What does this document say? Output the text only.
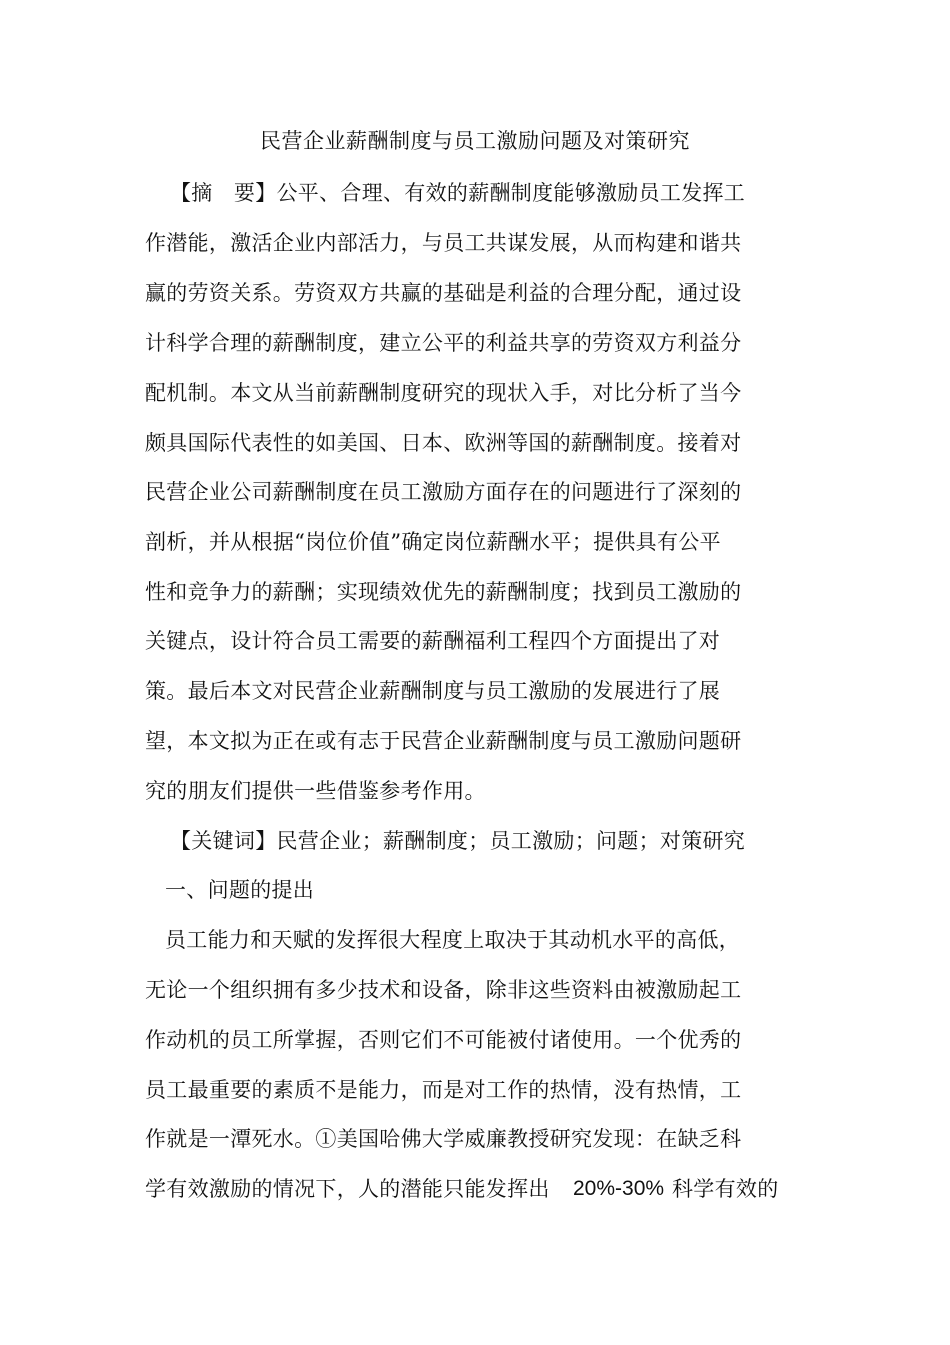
民营企业薪酬制度与员工激励问题及对策研究

【摘　要】公平、合理、有效的薪酬制度能够激励员工发挥工

作潜能，激活企业内部活力，与员工共谋发展，从而构建和谐共

赢的劳资关系。劳资双方共赢的基础是利益的合理分配，通过设

计科学合理的薪酬制度，建立公平的利益共享的劳资双方利益分

配机制。本文从当前薪酬制度研究的现状入手，对比分析了当今

颇具国际代表性的如美国、日本、欧洲等国的薪酬制度。接着对

民营企业公司薪酬制度在员工激励方面存在的问题进行了深刻的

剖析，并从根据“岗位价值”确定岗位薪酬水平；提供具有公平

性和竞争力的薪酬；实现绩效优先的薪酬制度；找到员工激励的

关键点，设计符合员工需要的薪酬福利工程四个方面提出了对

策。最后本文对民营企业薪酬制度与员工激励的发展进行了展

望，本文拟为正在或有志于民营企业薪酬制度与员工激励问题研

究的朋友们提供一些借鉴参考作用。

【关键词】民营企业；薪酬制度；员工激励；问题；对策研究

一、问题的提出

员工能力和天赋的发挥很大程度上取决于其动机水平的高低，

无论一个组织拥有多少技术和设备，除非这些资料由被激励起工

作动机的员工所掌握，否则它们不可能被付诸使用。一个优秀的

员工最重要的素质不是能力，而是对工作的热情，没有热情，工

作就是一潭死水。①美国哈佛大学威廉教授研究发现：在缺乏科

学有效激励的情况下，人的潜能只能发挥出 20%-30% 科学有效的
